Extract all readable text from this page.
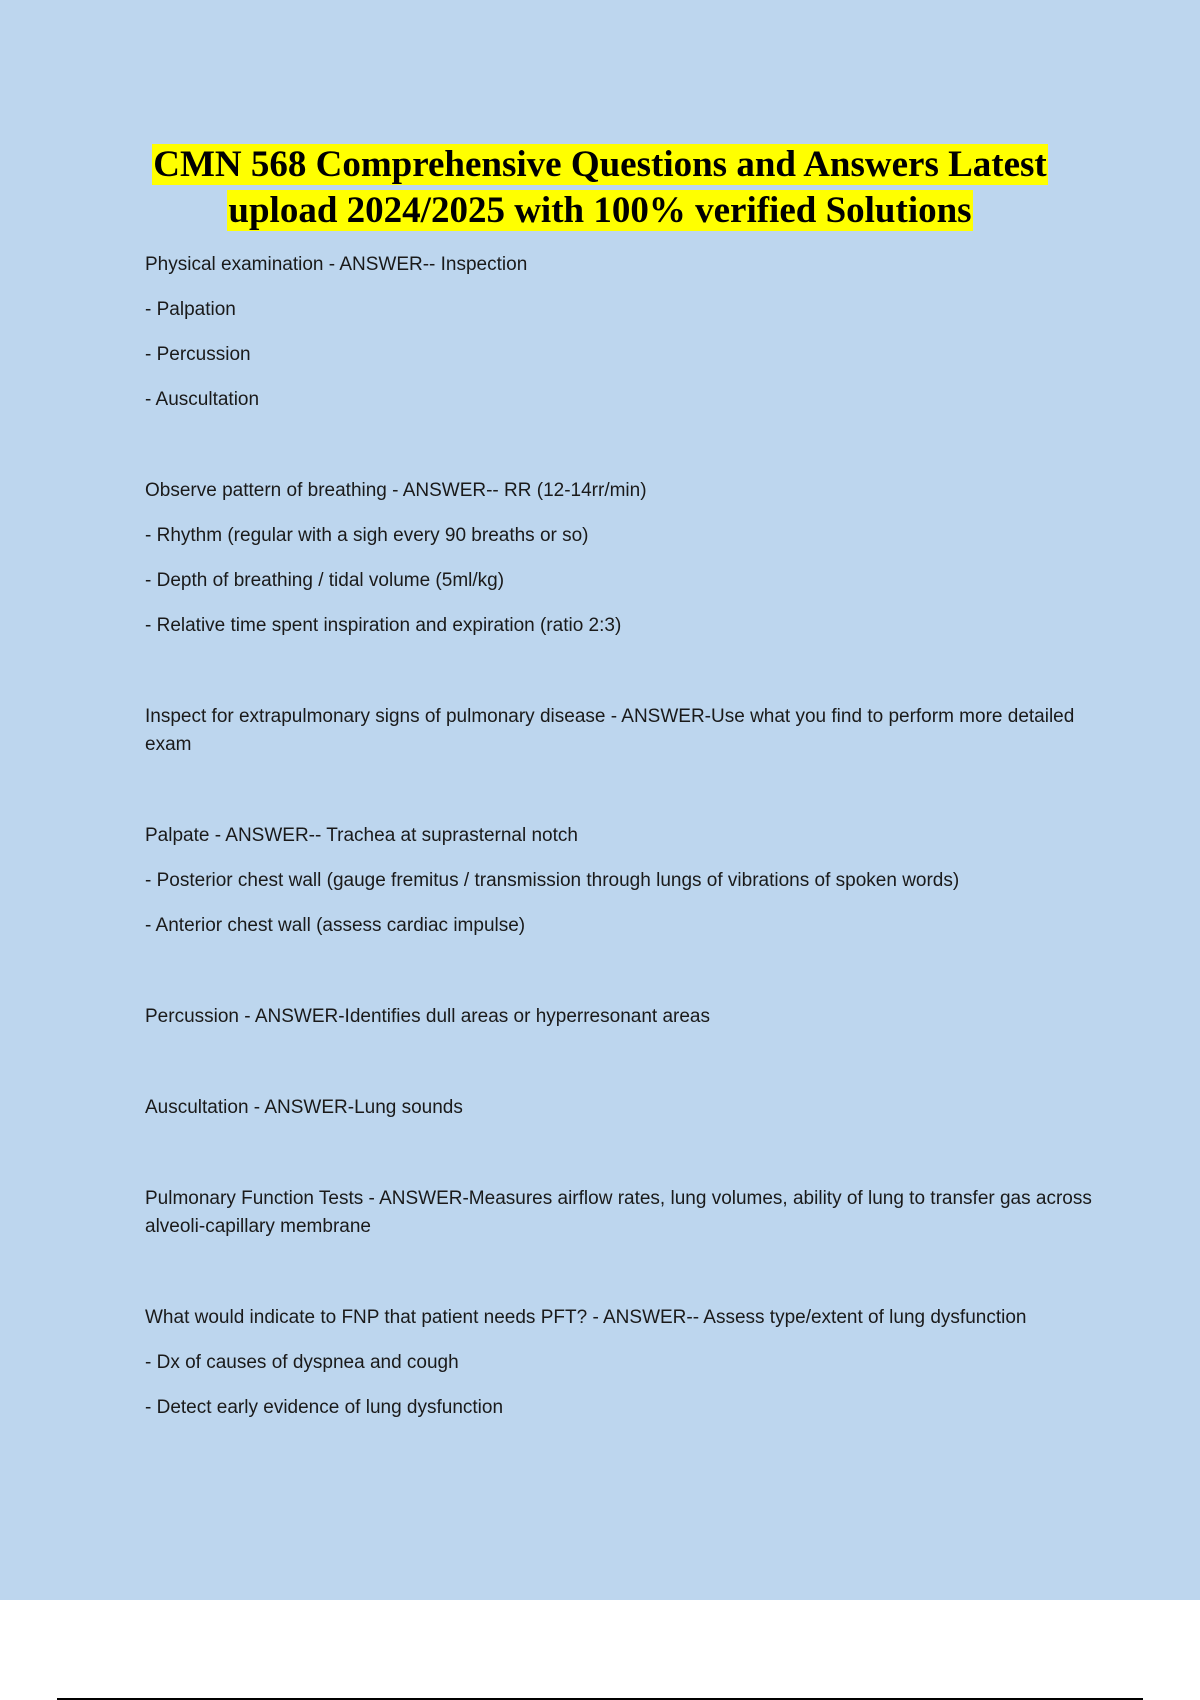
CMN 568 Comprehensive Questions and Answers Latest
upload 2024/2025 with 100% verified Solutions
Physical examination - ANSWER-- Inspection
- Palpation
- Percussion
- Auscultation
Observe pattern of breathing - ANSWER-- RR (12-14rr/min)
- Rhythm (regular with a sigh every 90 breaths or so)
- Depth of breathing / tidal volume (5ml/kg)
- Relative time spent inspiration and expiration (ratio 2:3)
Inspect for extrapulmonary signs of pulmonary disease - ANSWER-Use what you find to perform more detailed exam
Palpate - ANSWER-- Trachea at suprasternal notch
- Posterior chest wall (gauge fremitus / transmission through lungs of vibrations of spoken words)
- Anterior chest wall (assess cardiac impulse)
Percussion - ANSWER-Identifies dull areas or hyperresonant areas
Auscultation - ANSWER-Lung sounds
Pulmonary Function Tests - ANSWER-Measures airflow rates, lung volumes, ability of lung to transfer gas across alveoli-capillary membrane
What would indicate to FNP that patient needs PFT? - ANSWER-- Assess type/extent of lung dysfunction
- Dx of causes of dyspnea and cough
- Detect early evidence of lung dysfunction
